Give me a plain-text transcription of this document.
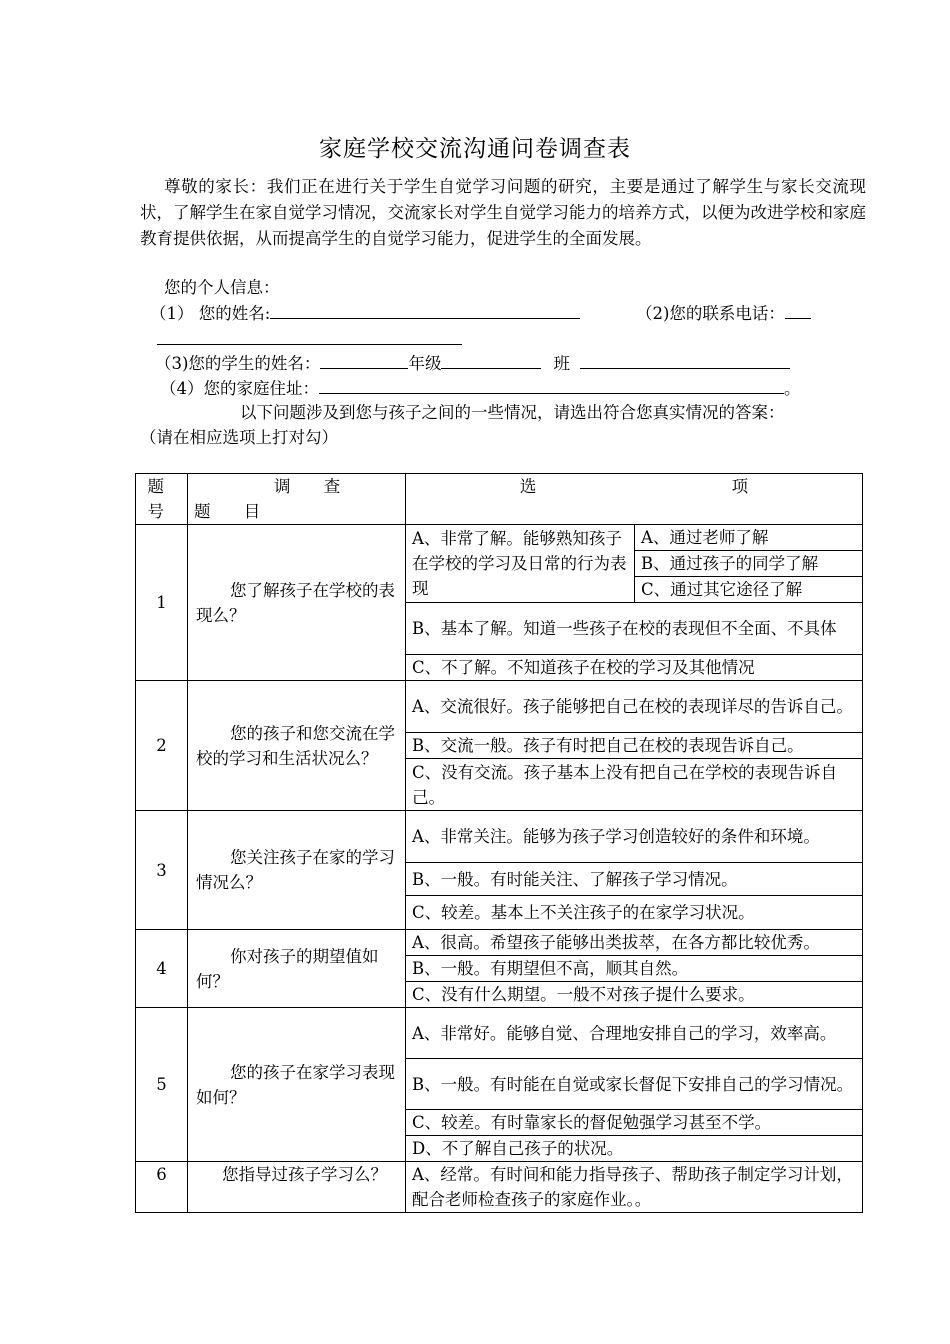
家庭学校交流沟通问卷调查表
尊敬的家长：我们正在进行关于学生自觉学习问题的研究，主要是通过了解学生与家长交流现状，了解学生在家自觉学习情况，交流家长对学生自觉学习能力的培养方式，以便为改进学校和家庭教育提供依据，从而提高学生的自觉学习能力，促进学生的全面发展。
您的个人信息：
（1） 您的姓名:	（2)您的联系电话：
（3)您的学生的姓名：	年级	班
（4）您的家庭住址：	。
以下问题涉及到您与孩子之间的一些情况，请选出符合您真实情况的答案：
（请在相应选项上打对勾）
题号	调 查 题 目	选 项	

1	您了解孩子在学校的表现么？	A、非常了解。能够熟知孩子在学校的学习及日常的行为表现	A、通过老师了解
			B、通过孩子的同学了解
			C、通过其它途径了解
		B、基本了解。知道一些孩子在校的表现但不全面、不具体	
		C、不了解。不知道孩子在校的学习及其他情况	
2	您的孩子和您交流在学校的学习和生活状况么？	A、交流很好。孩子能够把自己在校的表现详尽的告诉自己。	
		B、交流一般。孩子有时把自己在校的表现告诉自己。	
		C、没有交流。孩子基本上没有把自己在学校的表现告诉自己。	
3	您关注孩子在家的学习情况么？	A、非常关注。能够为孩子学习创造较好的条件和环境。	
		B、一般。有时能关注、了解孩子学习情况。	
		C、较差。基本上不关注孩子的在家学习状况。	
4	你对孩子的期望值如何？	A、很高。希望孩子能够出类拔萃，在各方都比较优秀。	
		B、一般。有期望但不高，顺其自然。	
		C、没有什么期望。一般不对孩子提什么要求。	
5	您的孩子在家学习表现如何？	A、非常好。能够自觉、合理地安排自己的学习，效率高。	
		B、一般。有时能在自觉或家长督促下安排自己的学习情况。	
		C、较差。有时靠家长的督促勉强学习甚至不学。	
		D、不了解自己孩子的状况。	
6	您指导过孩子学习么？	A、经常。有时间和能力指导孩子、帮助孩子制定学习计划，配合老师检查孩子的家庭作业。。	
